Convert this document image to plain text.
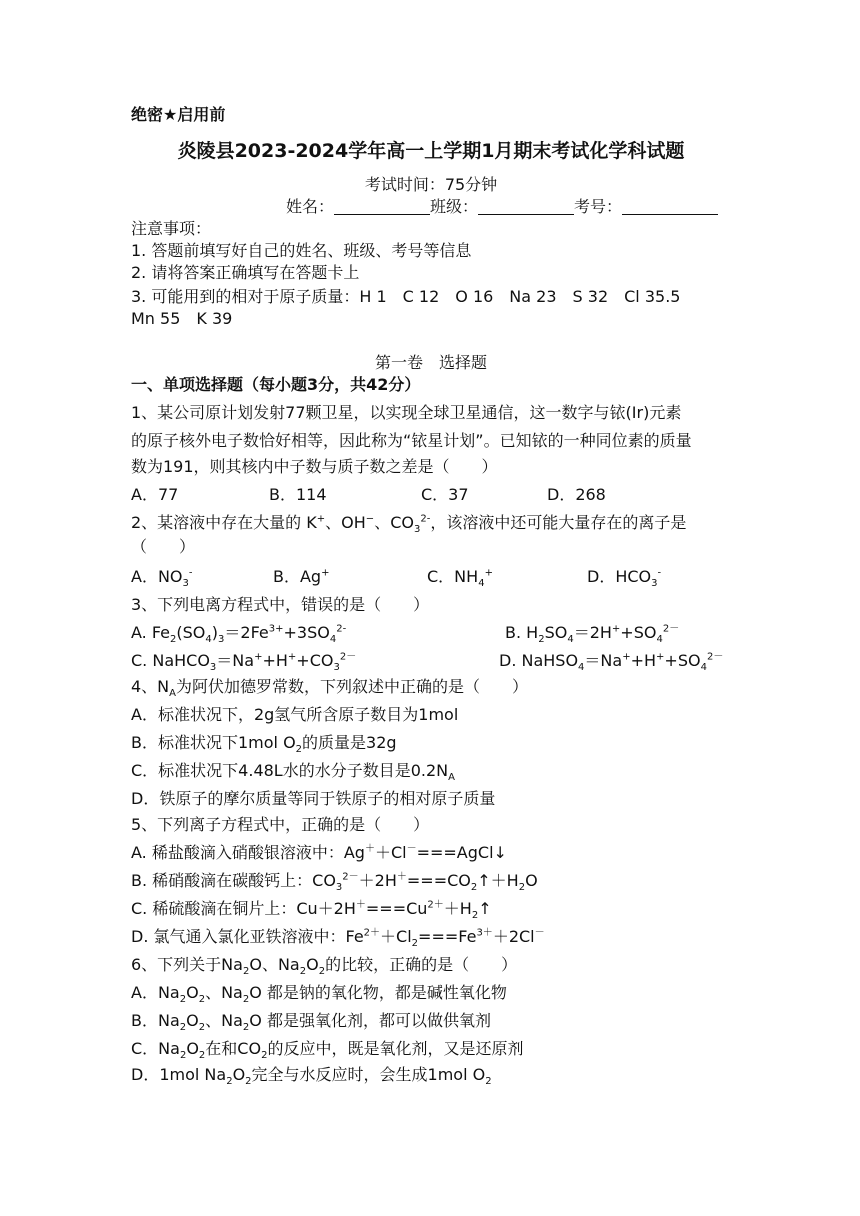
绝密★启用前
炎陵县2023-2024学年高一上学期1月期末考试化学科试题
考试时间：75分钟
姓名：	班级：	考号：
注意事项：
1. 答题前填写好自己的姓名、班级、考号等信息
2. 请将答案正确填写在答题卡上
3. 可能用到的相对于原子质量：H 1　C 12　O 16　Na 23　S 32　Cl 35.5
Mn 55　K 39
第一卷　选择题
一、单项选择题（每小题3分，共42分）
1、某公司原计划发射77颗卫星，以实现全球卫星通信，这一数字与铱(Ir)元素
的原子核外电子数恰好相等，因此称为“铱星计划”。已知铱的一种同位素的质量
数为191，则其核内中子数与质子数之差是（　　）
A．77	B．114	C．37	D．268
2、某溶液中存在大量的 K+、OH−、$CO_3^{2-}$，该溶液中还可能大量存在的离子是
（　　）
A．$NO_3^-$	B．Ag+	C．$NH_4^+$	D．$HCO_3^-$
3、下列电离方程式中，错误的是（　　）
A. $Fe_2(SO_4)_3=2Fe^{3+}+3SO_4^{2-}$	B. $H_2SO_4=2H^++SO_4^{2-}$
C. $NaHCO_3=Na^++H^++CO_3^{2-}$	D. $NaHSO_4=Na^++H^++SO_4^{2-}$
4、$N_A$为阿伏加德罗常数，下列叙述中正确的是（　　）
A．标准状况下，2g氢气所含原子数目为1mol
B．标准状况下1mol $O_2$的质量是32g
C．标准状况下4.48L水的水分子数目是$0.2N_A$
D．铁原子的摩尔质量等同于铁原子的相对原子质量
5、下列离子方程式中，正确的是（　　）
A. 稀盐酸滴入硝酸银溶液中：Ag＋＋Cl－===AgCl↓
B. 稀硝酸滴在碳酸钙上：$CO_3^{2-}+2H^+===CO_2↑+H_2O$
C. 稀硫酸滴在铜片上：$Cu+2H^+===Cu^{2+}+H_2↑$
D. 氯气通入氯化亚铁溶液中：$Fe^{2+}+Cl_2===Fe^{3+}+2Cl^-$
6、下列关于$Na_2O$、$Na_2O_2$的比较，正确的是（　　）
A．$Na_2O_2$、$Na_2O$ 都是钠的氧化物，都是碱性氧化物
B．$Na_2O_2$、$Na_2O$ 都是强氧化剂，都可以做供氧剂
C．$Na_2O_2$在和$CO_2$的反应中，既是氧化剂，又是还原剂
D．1mol $Na_2O_2$完全与水反应时，会生成1mol $O_2$
